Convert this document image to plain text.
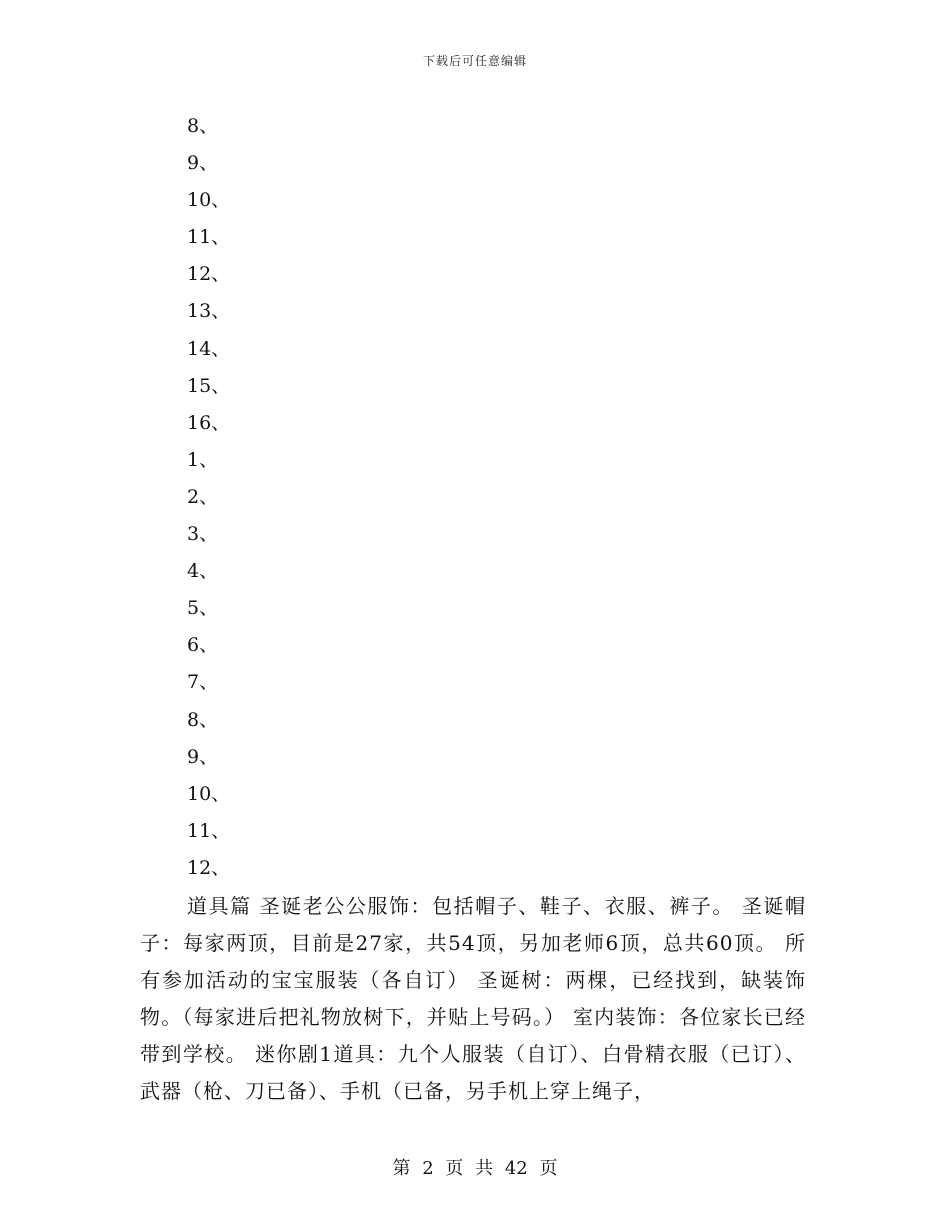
下载后可任意编辑
8、
9、
10、
11、
12、
13、
14、
15、
16、
1、
2、
3、
4、
5、
6、
7、
8、
9、
10、
11、
12、

道具篇 圣诞老公公服饰：包括帽子、鞋子、衣服、裤子。 圣诞帽子：每家两顶，目前是27家，共54顶，另加老师6顶，总共60顶。 所有参加活动的宝宝服装（各自订） 圣诞树：两棵，已经找到，缺装饰物。（每家进后把礼物放树下，并贴上号码。） 室内装饰：各位家长已经带到学校。 迷你剧1道具：九个人服装（自订）、白骨精衣服（已订）、武器（枪、刀已备）、手机（已备，另手机上穿上绳子，

第 2 页 共 42 页
